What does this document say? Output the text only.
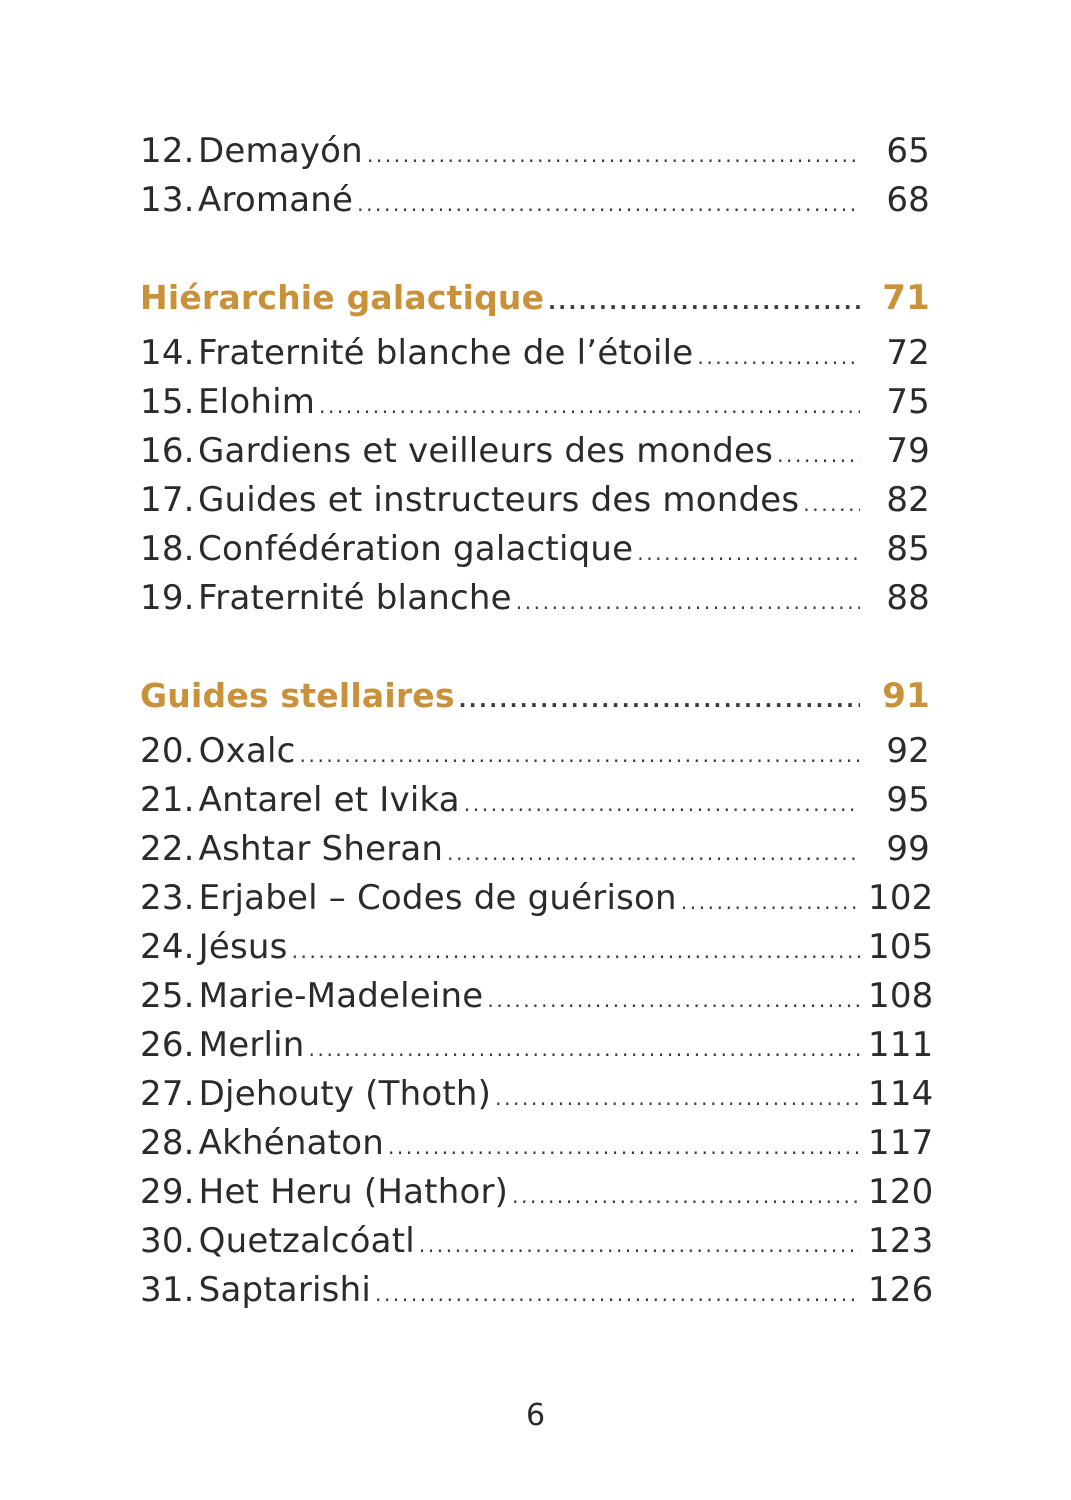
12. Demayón .....	65
13. Aromané .....	68
Hiérarchie galactique .....	71
14. Fraternité blanche de l’étoile .....	72
15. Elohim .....	75
16. Gardiens et veilleurs des mondes .....	79
17. Guides et instructeurs des mondes .....	82
18. Confédération galactique .....	85
19. Fraternité blanche .....	88
Guides stellaires .....	91
20. Oxalc .....	92
21. Antarel et Ivika .....	95
22. Ashtar Sheran .....	99
23. Erjabel – Codes de guérison .....	102
24. Jésus .....	105
25. Marie-Madeleine .....	108
26. Merlin .....	111
27. Djehouty (Thoth) .....	114
28. Akhénaton .....	117
29. Het Heru (Hathor) .....	120
30. Quetzalcóatl .....	123
31. Saptarishi .....	126
6
